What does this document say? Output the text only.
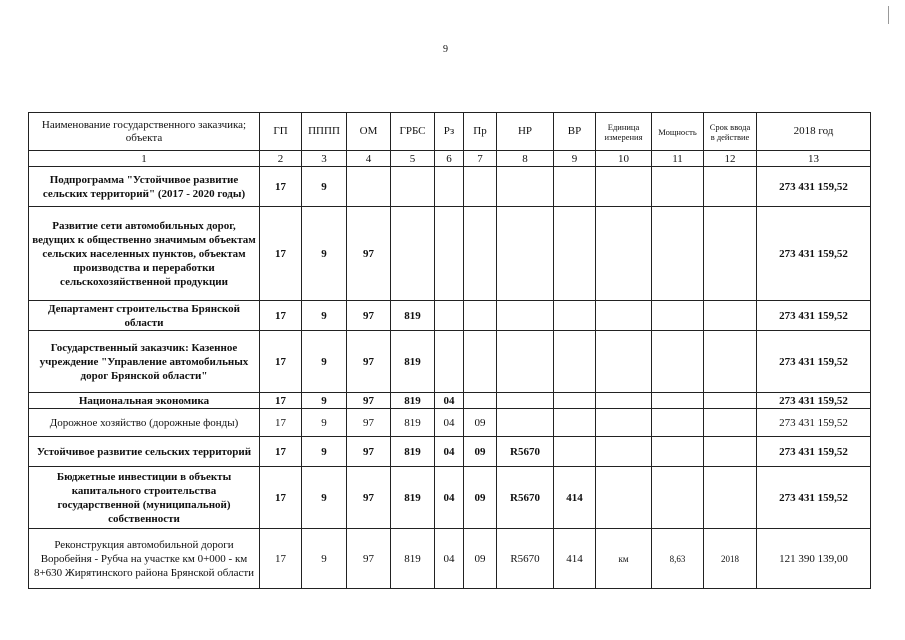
9
Наименование государственного заказчика; объекта	ГП	ПППП	ОМ	ГРБС	Рз	Пр	НР	ВР	Единица измерения	Мощность	Срок ввода в действие	2018 год
1	2	3	4	5	6	7	8	9	10	11	12	13
Подпрограмма "Устойчивое развитие сельских территорий" (2017 - 2020 годы)	17	9										273 431 159,52
Развитие сети автомобильных дорог, ведущих к общественно значимым объектам сельских населенных пунктов, объектам производства и переработки сельскохозяйственной продукции	17	9	97									273 431 159,52
Департамент строительства Брянской области	17	9	97	819								273 431 159,52
Государственный заказчик: Казенное учреждение "Управление автомобильных дорог Брянской области"	17	9	97	819								273 431 159,52
Национальная экономика	17	9	97	819	04							273 431 159,52
Дорожное хозяйство (дорожные фонды)	17	9	97	819	04	09						273 431 159,52
Устойчивое развитие сельских территорий	17	9	97	819	04	09	R5670					273 431 159,52
Бюджетные инвестиции в объекты капитального строительства государственной (муниципальной) собственности	17	9	97	819	04	09	R5670	414				273 431 159,52
Реконструкция автомобильной дороги Воробейня - Рубча на участке км 0+000 - км 8+630 Жирятинского района Брянской области	17	9	97	819	04	09	R5670	414	км	8,63	2018	121 390 139,00
